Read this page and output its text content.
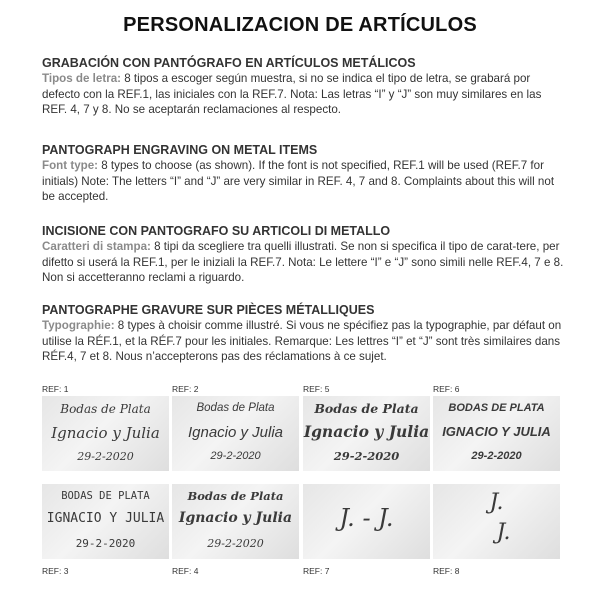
PERSONALIZACION DE ARTÍCULOS

GRABACIÓN CON PANTÓGRAFO EN ARTÍCULOS METÁLICOS

Tipos de letra: 8 tipos a escoger según muestra, si no se indica el tipo de letra, se grabará por defecto con la REF.1, las iniciales con la REF.7. Nota: Las letras “I” y “J” son muy similares en las REF. 4, 7 y 8. No se aceptarán reclamaciones al respecto.

PANTOGRAPH ENGRAVING ON METAL ITEMS

Font type: 8 types to choose (as shown). If the font is not specified, REF.1 will be used (REF.7 for initials) Note: The letters “I” and “J” are very similar in REF. 4, 7 and 8. Complaints about this will not be accepted.

INCISIONE CON PANTOGRAFO SU ARTICOLI DI METALLO

Caratteri di stampa: 8 tipi da scegliere tra quelli illustrati. Se non si specifica il tipo de carat-tere, per difetto si userá la REF.1, per le iniziali la REF.7. Nota: Le lettere “I” e “J” sono simili nelle REF.4, 7 e 8. Non si accetteranno reclami a riguardo.

PANTOGRAPHE GRAVURE SUR PIÈCES MÉTALLIQUES

Typographie: 8 types à choisir comme illustré. Si vous ne spécifiez pas la typographie, par défaut on utilise la RÉF.1, et la RÉF.7 pour les initiales. Remarque: Les lettres “I” et “J” sont très similaires dans RÉF.4, 7 et 8. Nous n’accepterons pas des réclamations à ce sujet.

REF: 1	REF: 2	REF: 5	REF: 6
REF: 3	REF: 4	REF: 7	REF: 8
Bodas de Plata
Ignacio y Julia
29-2-2020
Bodas de Plata
Ignacio y Julia
29-2-2020
Bodas de Plata
Ignacio y Julia
29-2-2020
BODAS DE PLATA
IGNACIO Y JULIA
29-2-2020
BODAS DE PLATA
IGNACIO Y JULIA
29-2-2020
Bodas de Plata
Ignacio y Julia
29-2-2020
J. - J.
J.
J.
